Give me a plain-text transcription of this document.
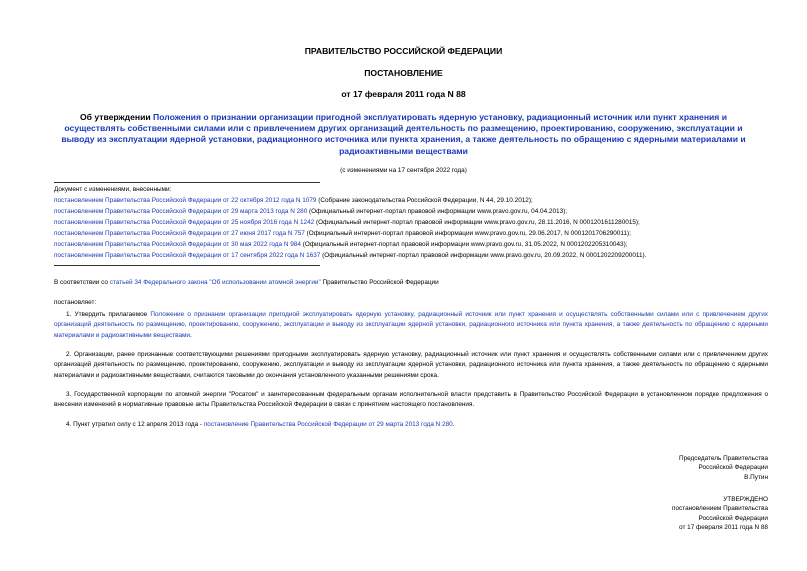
ПРАВИТЕЛЬСТВО РОССИЙСКОЙ ФЕДЕРАЦИИ
ПОСТАНОВЛЕНИЕ
от 17 февраля 2011 года N 88
Об утверждении Положения о признании организации пригодной эксплуатировать ядерную установку, радиационный источник или пункт хранения и осуществлять собственными силами или с привлечением других организаций деятельность по размещению, проектированию, сооружению, эксплуатации и выводу из эксплуатации ядерной установки, радиационного источника или пункта хранения, а также деятельность по обращению с ядерными материалами и радиоактивными веществами
(с изменениями на 17 сентября 2022 года)
Документ с изменениями, внесенными:
постановлением Правительства Российской Федерации от 22 октября 2012 года N 1079 (Собрание законодательства Российской Федерации, N 44, 29.10.2012);
постановлением Правительства Российской Федерации от 29 марта 2013 года N 280 (Официальный интернет-портал правовой информации www.pravo.gov.ru, 04.04.2013);
постановлением Правительства Российской Федерации от 25 ноября 2016 года N 1242 (Официальный интернет-портал правовой информации www.pravo.gov.ru, 28.11.2016, N 0001201611280015);
постановлением Правительства Российской Федерации от 27 июня 2017 года N 757 (Официальный интернет-портал правовой информации www.pravo.gov.ru, 29.06.2017, N 0001201706290011);
постановлением Правительства Российской Федерации от 30 мая 2022 года N 984 (Официальный интернет-портал правовой информации www.pravo.gov.ru, 31.05.2022, N 0001202205310043);
постановлением Правительства Российской Федерации от 17 сентября 2022 года N 1637 (Официальный интернет-портал правовой информации www.pravo.gov.ru, 20.09.2022, N 0001202209200011).
В соответствии со статьей 34 Федерального закона "Об использовании атомной энергии" Правительство Российской Федерации
постановляет:
1. Утвердить прилагаемое Положение о признании организации пригодной эксплуатировать ядерную установку, радиационный источник или пункт хранения и осуществлять собственными силами или с привлечением других организаций деятельность по размещению, проектированию, сооружению, эксплуатации и выводу из эксплуатации ядерной установки, радиационного источника или пункта хранения, а также деятельность по обращению с ядерными материалами и радиоактивными веществами.
2. Организации, ранее признанные соответствующими решениями пригодными эксплуатировать ядерную установку, радиационный источник или пункт хранения и осуществлять собственными силами или с привлечением других организаций деятельность по размещению, проектированию, сооружению, эксплуатации и выводу из эксплуатации ядерной установки, радиационного источника или пункта хранения, а также деятельность по обращению с ядерными материалами и радиоактивными веществами, считаются таковыми до окончания установленного указанными решениями срока.
3. Государственной корпорации по атомной энергии "Росатом" и заинтересованным федеральным органам исполнительной власти представить в Правительство Российской Федерации в установленном порядке предложения о внесении изменений в нормативные правовые акты Правительства Российской Федерации в связи с принятием настоящего постановления.
4. Пункт утратил силу с 12 апреля 2013 года - постановление Правительства Российской Федерации от 29 марта 2013 года N 280.
Председатель Правительства
Российской Федерации
В.Путин
УТВЕРЖДЕНО
постановлением Правительства
Российской Федерации
от 17 февраля 2011 года N 88
